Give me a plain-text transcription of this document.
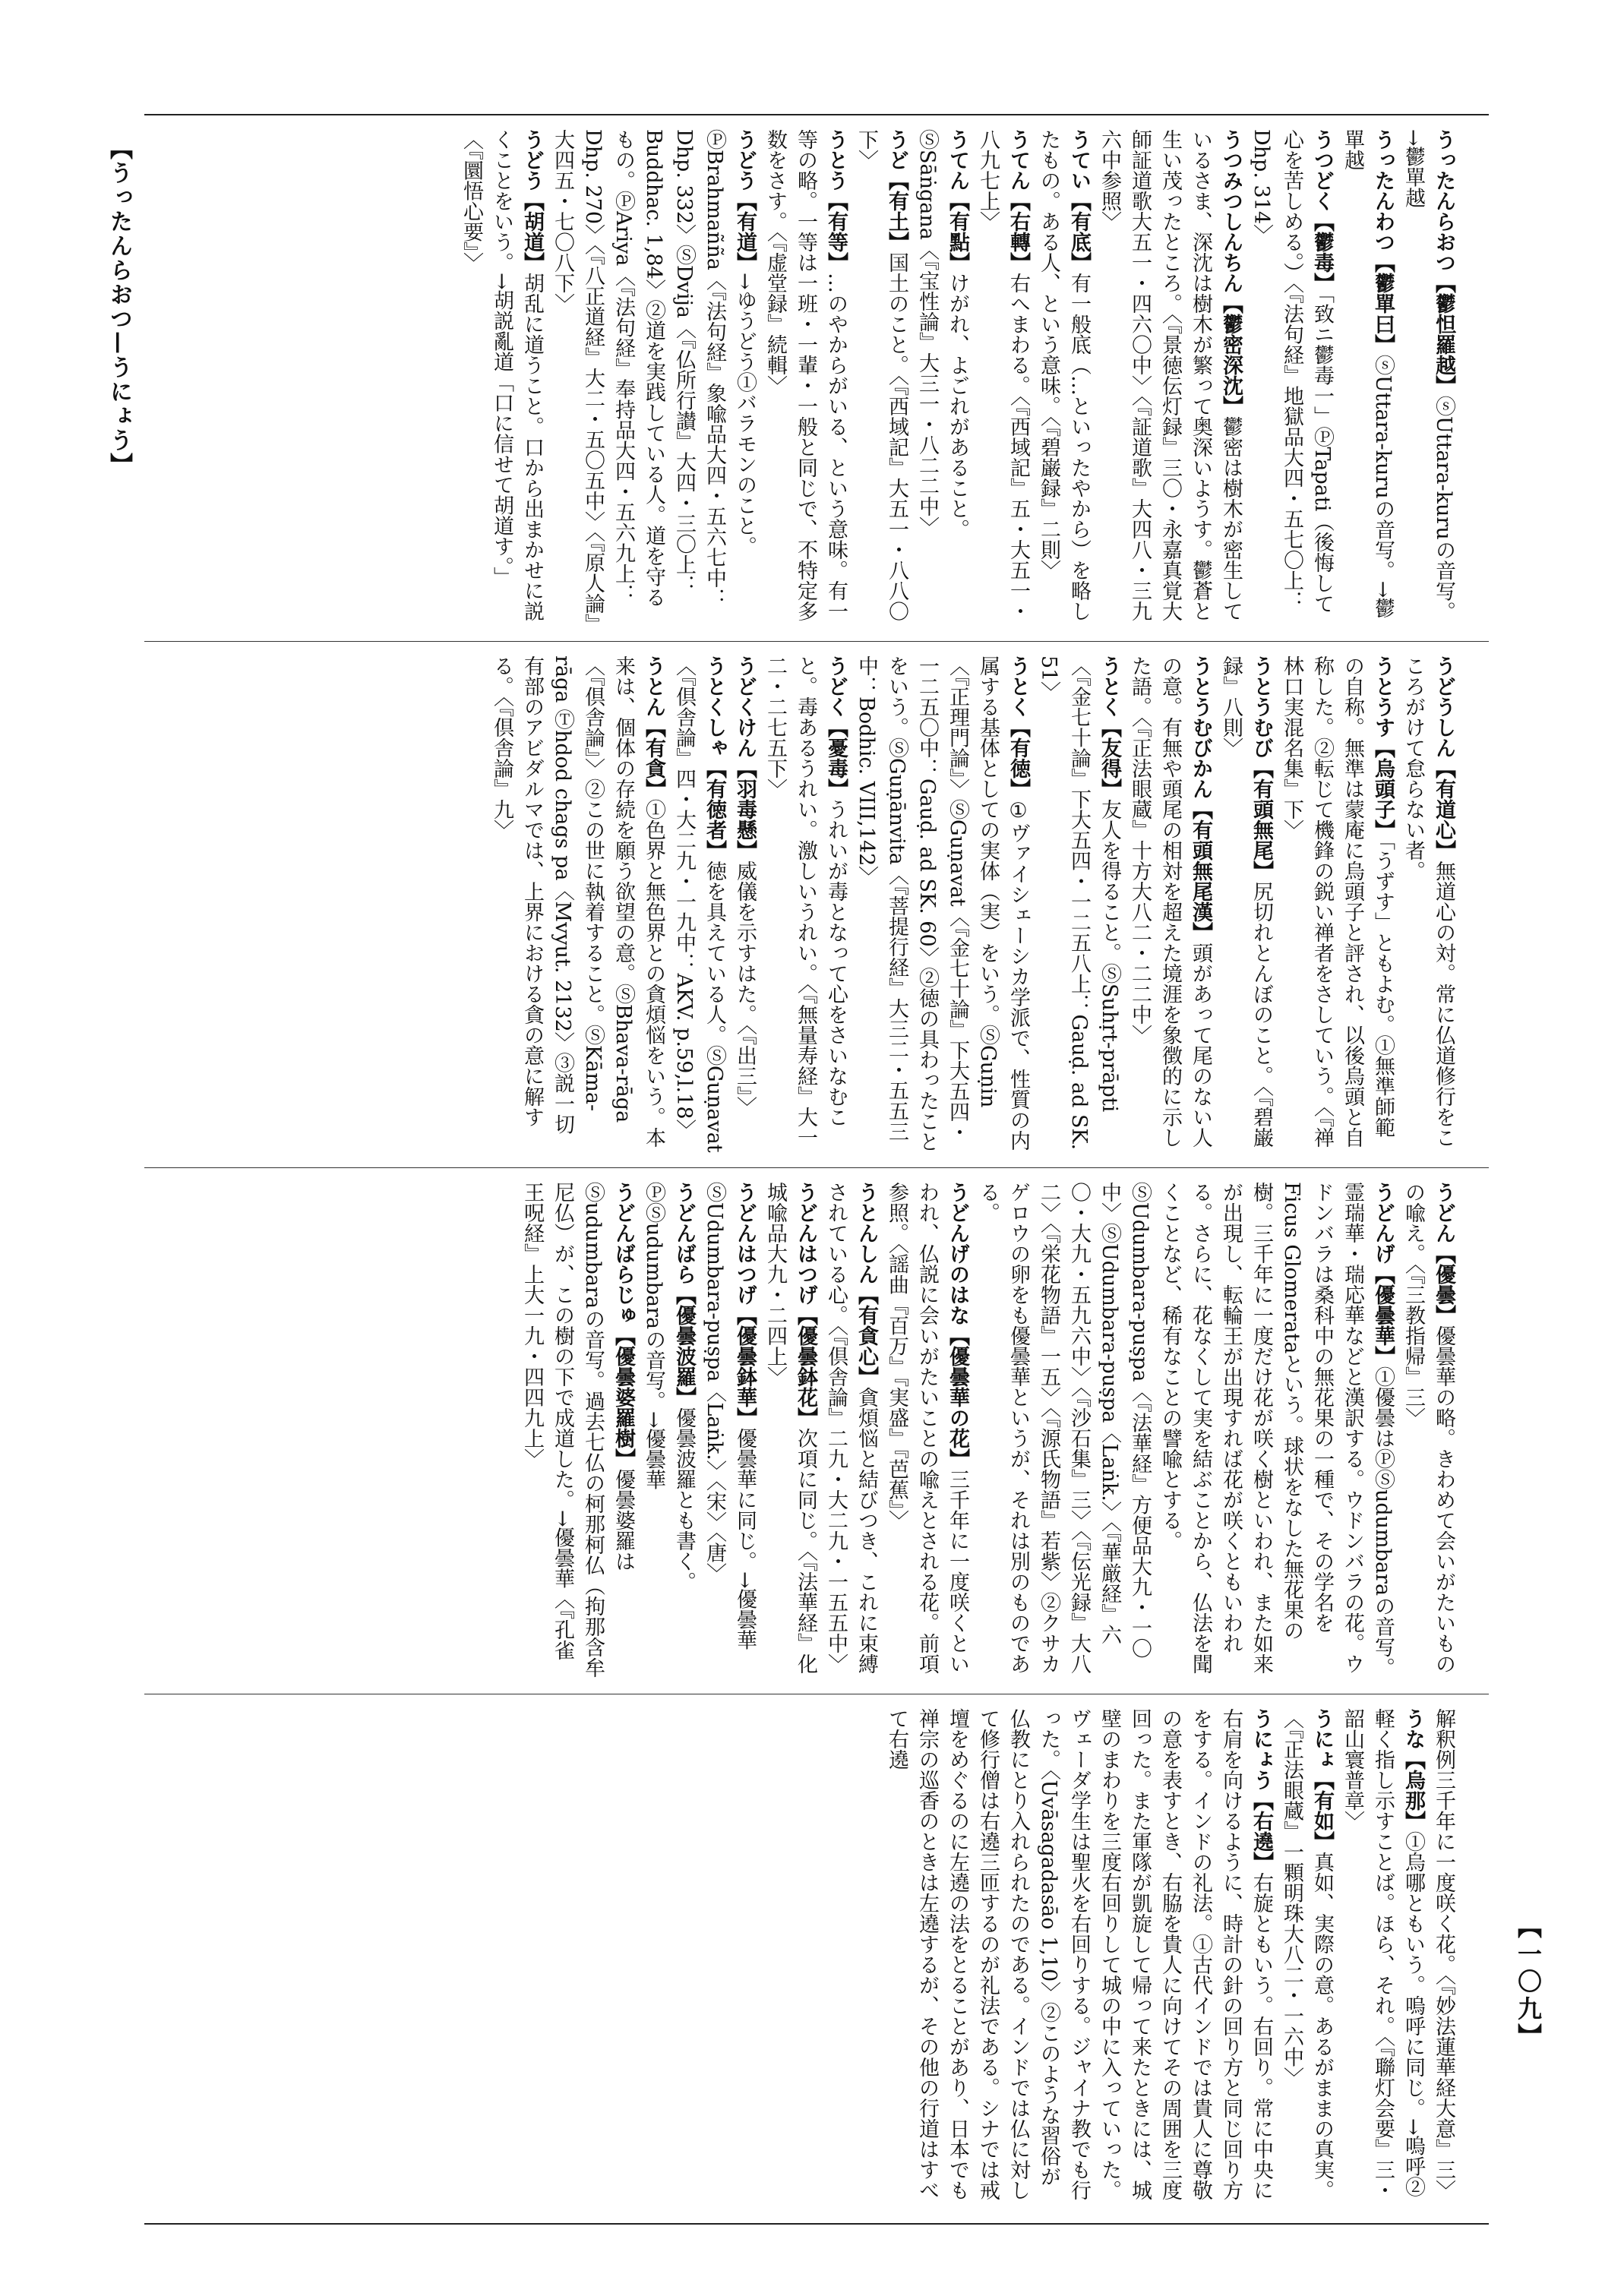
【うったんらおつ—うにょう】
【一〇九】

うったんらおつ【鬱怛羅越】ⓢUttara-kuruの音写。→鬱單越

うったんわつ【鬱單曰】ⓢUttara-kuruの音写。→鬱單越

うつどく【鬱毒】「致ニ鬱毒一」ⓅTapati（後悔して心を苦しめる。）〈『法句経』地獄品大四・五七〇上：Dhp. 314〉

うつみつしんちん【鬱密深沈】鬱密は樹木が密生しているさま、深沈は樹木が繁って奥深いようす。鬱蒼と生い茂ったところ。〈『景徳伝灯録』三〇・永嘉真覚大師証道歌大五一・四六〇中〉〈『証道歌』大四八・三九六中参照〉

うてい【有底】有一般底（…といったやから）を略したもの。ある人、という意味。〈『碧巌録』二則〉

うてん【右轉】右へまわる。〈『西域記』五・大五一・八九七上〉

うてん【有點】けがれ、よごれがあること。ⓈSāṅgana〈『宝性論』大三一・八二二中〉

うど【有土】国土のこと。〈『西域記』大五一・八八〇下〉

うとう【有等】…のやからがいる、という意味。有一等の略。一等は一班・一輩・一般と同じで、不特定多数をさす。〈『虚堂録』続輯〉

うどう【有道】→ゆうどう①バラモンのこと。ⓅBrahmañña〈『法句経』象喩品大四・五六七中：Dhp. 332〉ⓈDvija〈『仏所行讃』大四・三〇上：Buddhac. 1,84〉②道を実践している人。道を守るもの。ⓅAriya〈『法句経』奉持品大四・五六九上：Dhp. 270〉〈『八正道経』大二・五〇五中〉〈『原人論』大四五・七〇八下〉

うどう【胡道】胡乱に道うこと。口から出まかせに説くことをいう。→胡説亂道「口に信せて胡道す。」〈『圜悟心要』〉

うどうしん【有道心】無道心の対。常に仏道修行をこころがけて怠らない者。

うとうす【烏頭子】「うずす」ともよむ。①無準師範の自称。無準は蒙庵に烏頭子と評され、以後烏頭と自称した。②転じて機鋒の鋭い禅者をさしていう。〈『禅林口実混名集』下〉

うとうむび【有頭無尾】尻切れとんぼのこと。〈『碧巌録』八則〉

うとうむびかん【有頭無尾漢】頭があって尾のない人の意。有無や頭尾の相対を超えた境涯を象徴的に示した語。〈『正法眼蔵』十方大八二・二二中〉

うとく【友得】友人を得ること。ⓈSuhṛt-prāpti〈『金七十論』下大五四・一二五八上：Gauḍ. ad SK. 51〉

うとく【有徳】①ヴァイシェーシカ学派で、性質の内属する基体としての実体（実）をいう。ⓈGuṇin〈『正理門論』〉ⓈGuṇavat〈『金七十論』下大五四・一二五〇中：Gauḍ. ad SK. 60〉②徳の具わったことをいう。ⓈGuṇānvita〈『菩提行経』大三二・五五三中：Bodhic. VIII,142〉

うどく【憂毒】うれいが毒となって心をさいなむこと。毒あるうれい。激しいうれい。〈『無量寿経』大一二・二七五下〉

うどくけん【羽毒懸】威儀を示すはた。〈『出三』〉

うとくしゃ【有徳者】徳を具えている人。ⓈGuṇavat〈『倶舎論』四・大二九・一九中：AKV. p.59,l.18〉

うとん【有貪】①色界と無色界との貪煩悩をいう。本来は、個体の存続を願う欲望の意。ⓈBhava-rāga〈『倶舎論』〉②この世に執着すること。ⓈKāma-rāga Ⓣhdod chags pa〈Mvyut. 2132〉③説一切有部のアビダルマでは、上界における貪の意に解する。〈『倶舎論』九〉

うどん【優曇】優曇華の略。きわめて会いがたいものの喩え。〈『三教指帰』三〉

うどんげ【優曇華】①優曇はⓅⓈudumbaraの音写。霊瑞華・瑞応華などと漢訳する。ウドンバラの花。ウドンバラは桑科中の無花果の一種で、その学名をFicus Glomerataという。球状をなした無花果の樹。三千年に一度だけ花が咲く樹といわれ、また如来が出現し、転輪王が出現すれば花が咲くともいわれる。さらに、花なくして実を結ぶことから、仏法を聞くことなど、稀有なことの譬喩とする。ⓈUdumbara-puṣpa〈『法華経』方便品大九・一〇中〉ⓈUdumbara-puṣpa〈Laṅk.〉〈『華厳経』六〇・大九・五九六中〉〈『沙石集』三〉〈『伝光録』大八二〉〈『栄花物語』一五〉〈『源氏物語』若紫〉②クサカゲロウの卵をも優曇華というが、それは別のものである。

うどんげのはな【優曇華の花】三千年に一度咲くといわれ、仏説に会いがたいことの喩えとされる花。前項参照。〈謡曲『百万』『実盛』『芭蕉』〉

うとんしん【有貪心】貪煩悩と結びつき、これに束縛されている心。〈『倶舎論』二九・大二九・一五五中〉

うどんはつげ【優曇鉢花】次項に同じ。〈『法華経』化城喩品大九・二四上〉

うどんはつげ【優曇鉢華】優曇華に同じ。→優曇華ⓈUdumbara-puṣpa〈Laṅk.〉〈宋〉〈唐〉

うどんばら【優曇波羅】優曇波羅とも書く。ⓅⓈudumbaraの音写。→優曇華

うどんばらじゅ【優曇婆羅樹】優曇婆羅はⓈudumbaraの音写。過去七仏の柯那柯仏（拘那含牟尼仏）が、この樹の下で成道した。→優曇華〈『孔雀王呪経』上大一九・四四九上〉

解釈例三千年に一度咲く花。〈『妙法蓮華経大意』三〉

うな【烏那】①烏哪ともいう。嗚呼に同じ。→嗚呼②軽く指し示すことば。ほら、それ。〈『聯灯会要』三・韶山寰普章〉

うにょ【有如】真如、実際の意。あるがままの真実。〈『正法眼蔵』一顆明珠大八二・一六中〉

うにょう【右遶】右旋ともいう。右回り。常に中央に右肩を向けるように、時計の針の回り方と同じ回り方をする。インドの礼法。①古代インドでは貴人に尊敬の意を表すとき、右脇を貴人に向けてその周囲を三度回った。また軍隊が凱旋して帰って来たときには、城壁のまわりを三度右回りして城の中に入っていった。ヴェーダ学生は聖火を右回りする。ジャイナ教でも行った。〈Uvāsagadasāo 1,10〉②このような習俗が仏教にとり入れられたのである。インドでは仏に対して修行僧は右遶三匝するのが礼法である。シナでは戒壇をめぐるのに左遶の法をとることがあり、日本でも禅宗の巡香のときは左遶するが、その他の行道はすべて右遶
